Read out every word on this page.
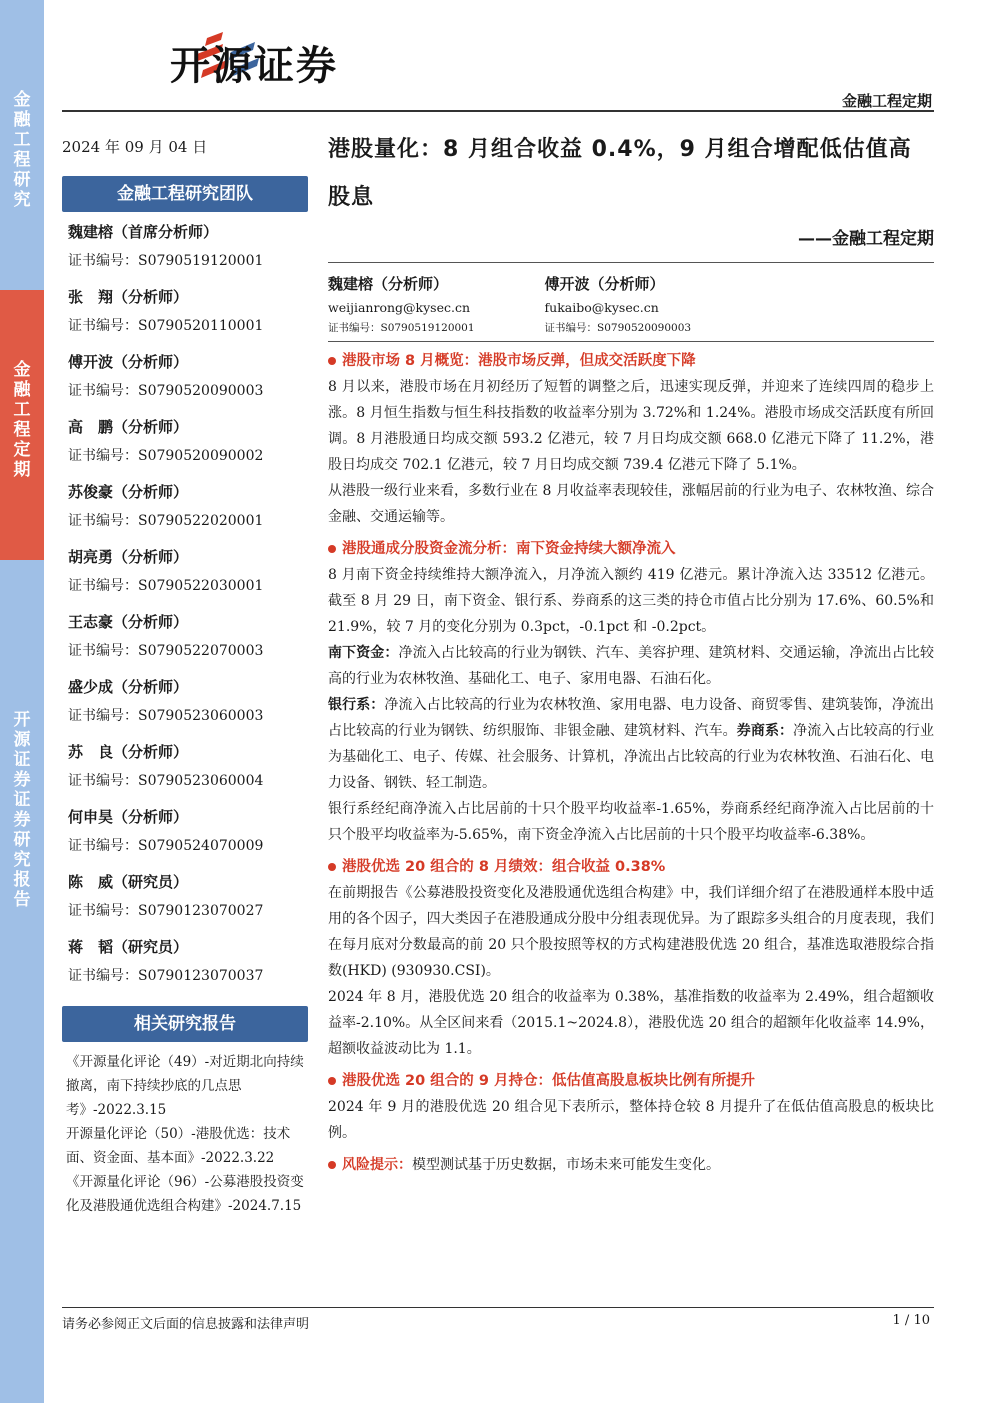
金融工程研究
金融工程定期
开源证券 证券研究报告
开源证券
金融工程定期
2024 年 09 月 04 日
金融工程研究团队
魏建榕（首席分析师）
证书编号：S0790519120001
张　翔（分析师）
证书编号：S0790520110001
傅开波（分析师）
证书编号：S0790520090003
高　鹏（分析师）
证书编号：S0790520090002
苏俊豪（分析师）
证书编号：S0790522020001
胡亮勇（分析师）
证书编号：S0790522030001
王志豪（分析师）
证书编号：S0790522070003
盛少成（分析师）
证书编号：S0790523060003
苏　良（分析师）
证书编号：S0790523060004
何申昊（分析师）
证书编号：S0790524070009
陈　威（研究员）
证书编号：S0790123070027
蒋　韬（研究员）
证书编号：S0790123070037
相关研究报告
《开源量化评论（49）-对近期北向持续撤离，南下持续抄底的几点思考》-2022.3.15
开源量化评论（50）-港股优选：技术面、资金面、基本面》-2022.3.22
《开源量化评论（96）-公募港股投资变化及港股通优选组合构建》-2024.7.15
港股量化：8 月组合收益 0.4%，9 月组合增配低估值高股息
——金融工程定期
魏建榕（分析师）
weijianrong@kysec.cn
证书编号：S0790519120001
傅开波（分析师）
fukaibo@kysec.cn
证书编号：S0790520090003
港股市场 8 月概览：港股市场反弹，但成交活跃度下降
8 月以来，港股市场在月初经历了短暂的调整之后，迅速实现反弹，并迎来了连续四周的稳步上涨。8 月恒生指数与恒生科技指数的收益率分别为 3.72%和 1.24%。港股市场成交活跃度有所回调。8 月港股通日均成交额 593.2 亿港元，较 7 月日均成交额 668.0 亿港元下降了 11.2%，港股日均成交 702.1 亿港元，较 7 月日均成交额 739.4 亿港元下降了 5.1%。
从港股一级行业来看，多数行业在 8 月收益率表现较佳，涨幅居前的行业为电子、农林牧渔、综合金融、交通运输等。
港股通成分股资金流分析：南下资金持续大额净流入
8 月南下资金持续维持大额净流入，月净流入额约 419 亿港元。累计净流入达 33512 亿港元。截至 8 月 29 日，南下资金、银行系、券商系的这三类的持仓市值占比分别为 17.6%、60.5%和 21.9%，较 7 月的变化分别为 0.3pct，-0.1pct 和 -0.2pct。
南下资金：净流入占比较高的行业为钢铁、汽车、美容护理、建筑材料、交通运输，净流出占比较高的行业为农林牧渔、基础化工、电子、家用电器、石油石化。
银行系：净流入占比较高的行业为农林牧渔、家用电器、电力设备、商贸零售、建筑装饰，净流出占比较高的行业为钢铁、纺织服饰、非银金融、建筑材料、汽车。券商系：净流入占比较高的行业为基础化工、电子、传媒、社会服务、计算机，净流出占比较高的行业为农林牧渔、石油石化、电力设备、钢铁、轻工制造。
银行系经纪商净流入占比居前的十只个股平均收益率-1.65%，券商系经纪商净流入占比居前的十只个股平均收益率为-5.65%，南下资金净流入占比居前的十只个股平均收益率-6.38%。
港股优选 20 组合的 8 月绩效：组合收益 0.38%
在前期报告《公募港股投资变化及港股通优选组合构建》中，我们详细介绍了在港股通样本股中适用的各个因子，四大类因子在港股通成分股中分组表现优异。为了跟踪多头组合的月度表现，我们在每月底对分数最高的前 20 只个股按照等权的方式构建港股优选 20 组合，基准选取港股综合指数(HKD) (930930.CSI)。
2024 年 8 月，港股优选 20 组合的收益率为 0.38%，基准指数的收益率为 2.49%，组合超额收益率-2.10%。从全区间来看（2015.1~2024.8），港股优选 20 组合的超额年化收益率 14.9%，超额收益波动比为 1.1。
港股优选 20 组合的 9 月持仓：低估值高股息板块比例有所提升
2024 年 9 月的港股优选 20 组合见下表所示，整体持仓较 8 月提升了在低估值高股息的板块比例。
风险提示：模型测试基于历史数据，市场未来可能发生变化。
请务必参阅正文后面的信息披露和法律声明	1 / 10
